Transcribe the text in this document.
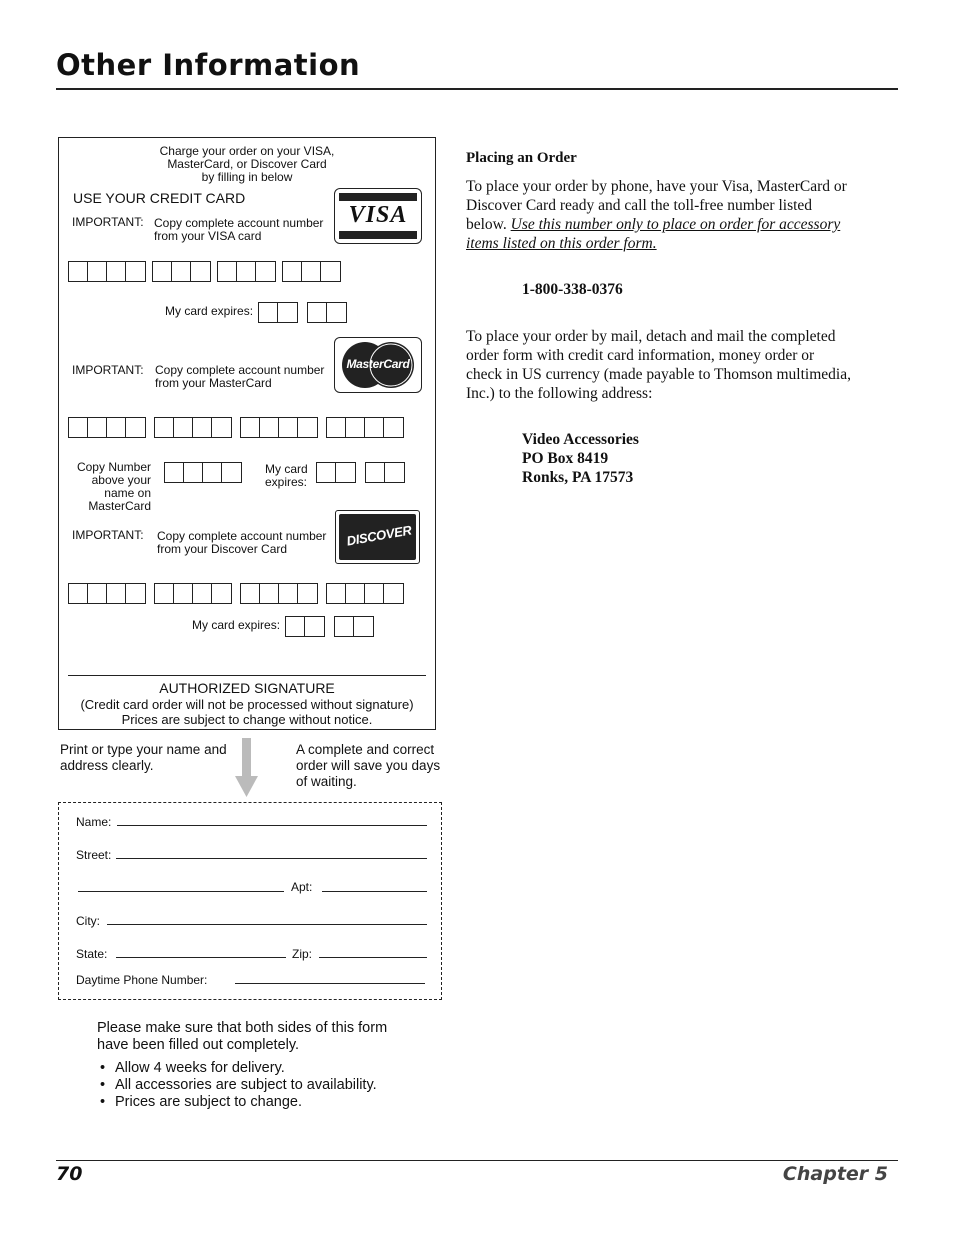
Other Information
Charge your order on your VISA,
MasterCard, or Discover Card
by filling in below
USE YOUR CREDIT CARD
IMPORTANT: Copy complete account number
from your VISA card
VISA
My card expires:
IMPORTANT: Copy complete account number
from your MasterCard
MasterCard
Copy Number
above your
name on
MasterCard
My card
expires:
IMPORTANT: Copy complete account number
from your Discover Card
DISCOVER
My card expires:
AUTHORIZED SIGNATURE
(Credit card order will not be processed without signature)
Prices are subject to change without notice.
Print or type your name and
address clearly.
A complete and correct
order will save you days
of waiting.
Name:
Street:
Apt:
City:
State:	Zip:
Daytime Phone Number:
Please make sure that both sides of this form
have been filled out completely.
• Allow 4 weeks for delivery.
• All accessories are subject to availability.
• Prices are subject to change.
Placing an Order
To place your order by phone, have your Visa, MasterCard or
Discover Card ready and call the toll-free number listed
below. Use this number only to place on order for accessory
items listed on this order form.
1-800-338-0376
To place your order by mail, detach and mail the completed
order form with credit card information, money order or
check in US currency (made payable to Thomson multimedia,
Inc.) to the following address:
Video Accessories
PO Box 8419
Ronks, PA 17573
70	Chapter 5
